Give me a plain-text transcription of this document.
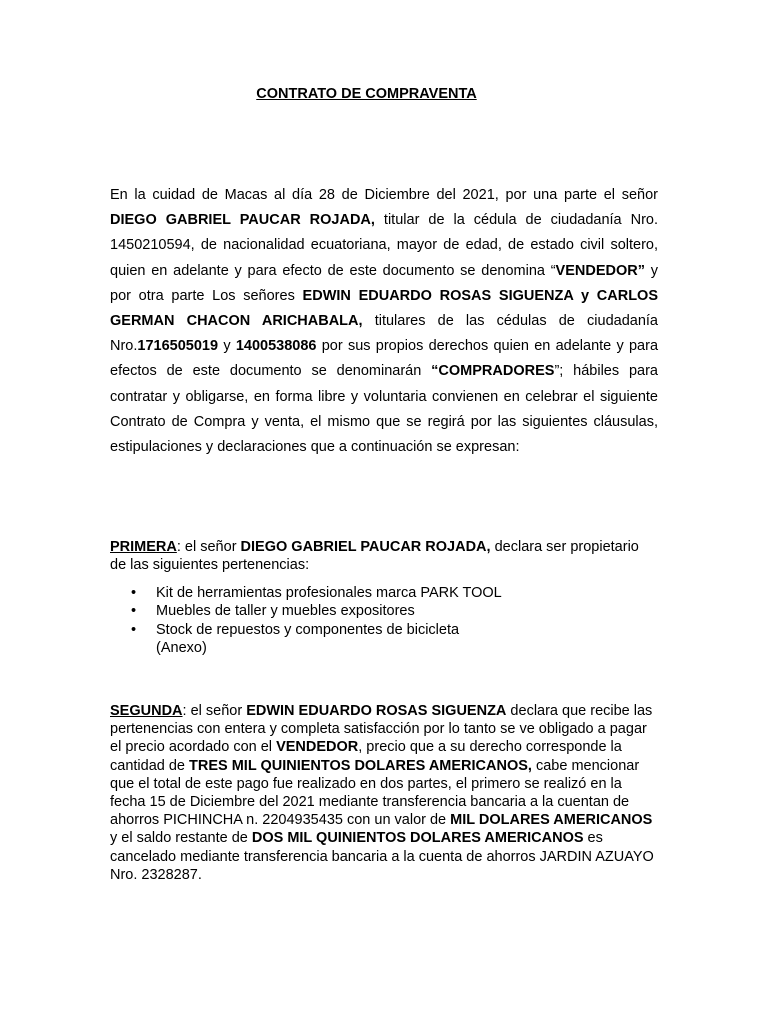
CONTRATO DE COMPRAVENTA

En la cuidad de Macas al día 28 de Diciembre del 2021, por una parte el señor DIEGO GABRIEL PAUCAR ROJADA, titular de la cédula de ciudadanía Nro. 1450210594, de nacionalidad ecuatoriana, mayor de edad, de estado civil soltero, quien en adelante y para efecto de este documento se denomina “VENDEDOR” y por otra parte Los señores EDWIN EDUARDO ROSAS SIGUENZA y CARLOS GERMAN CHACON ARICHABALA, titulares de las cédulas de ciudadanía Nro.1716505019 y 1400538086 por sus propios derechos quien en adelante y para efectos de este documento se denominarán “COMPRADORES”; hábiles para contratar y obligarse, en forma libre y voluntaria convienen en celebrar el siguiente Contrato de Compra y venta, el mismo que se regirá por las siguientes cláusulas, estipulaciones y declaraciones que a continuación se expresan:

PRIMERA: el señor DIEGO GABRIEL PAUCAR ROJADA, declara ser propietario de las siguientes pertenencias:

• Kit de herramientas profesionales marca PARK TOOL
• Muebles de taller y muebles expositores
• Stock de repuestos y componentes de bicicleta
(Anexo)

SEGUNDA: el señor EDWIN EDUARDO ROSAS SIGUENZA declara que recibe las pertenencias con entera y completa satisfacción por lo tanto se ve obligado a pagar el precio acordado con el VENDEDOR, precio que a su derecho corresponde la cantidad de TRES MIL QUINIENTOS DOLARES AMERICANOS, cabe mencionar que el total de este pago fue realizado en dos partes, el primero se realizó en la fecha 15 de Diciembre del 2021 mediante transferencia bancaria a la cuentan de ahorros PICHINCHA n. 2204935435 con un valor de MIL DOLARES AMERICANOS y el saldo restante de DOS MIL QUINIENTOS DOLARES AMERICANOS es cancelado mediante transferencia bancaria a la cuenta de ahorros JARDIN AZUAYO Nro. 2328287.
